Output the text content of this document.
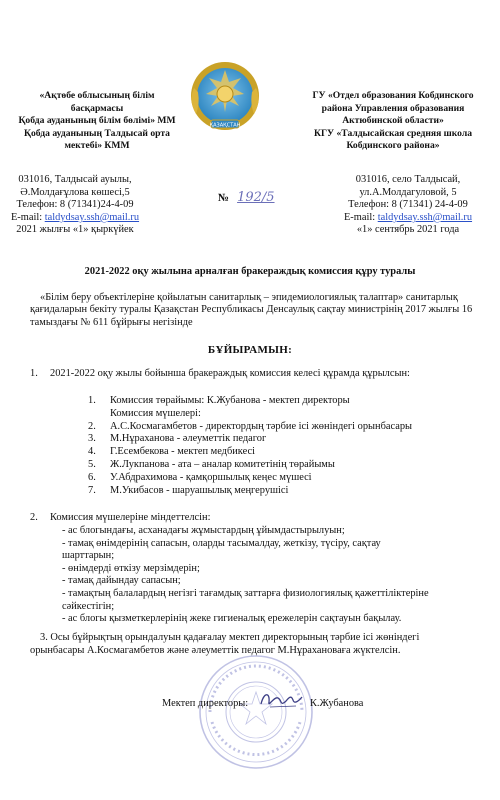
«Ақтөбе облысының білім
басқармасы
Қобда ауданының білім бөлімі» ММ
Қобда ауданының Талдысай орта
мектебі» КММ
ҚАЗАҚСТАН
ГУ «Отдел образования Кобдинского
района Управления образования
Актюбинской области»
КГУ «Талдысайская средняя школа
Кобдинского района»
031016, Талдысай ауылы,
Ә.Молдағұлова көшесі,5
Телефон: 8 (71341)24-4-09
E-mail: taldydsay.ssh@mail.ru
2021 жылғы «1» қыркүйек
№ 192/5
031016, село Талдысай,
ул.А.Молдагуловой, 5
Телефон: 8 (71341) 24-4-09
E-mail: taldydsay.ssh@mail.ru
«1» сентябрь 2021 года
2021-2022 оқу жылына арналған бракераждық комиссия құру туралы
«Білім беру объектілеріне қойылатын санитарлық – эпидемиологиялық талаптар» санитарлық қағидаларын бекіту туралы Қазақстан Республикасы Денсаулық сақтау министрінің 2017 жылғы 16 тамыздағы № 611 бұйрығы негізінде
БҰЙЫРАМЫН:
1. 2021-2022 оқу жылы бойынша бракераждық комиссия келесі құрамда құрылсын:
1. Комиссия төрайымы: К.Жубанова - мектеп директоры
Комиссия мүшелері:
2. А.С.Космагамбетов - директордың тәрбие ісі жөніндегі орынбасары
3. М.Нұраханова - әлеуметтік педагог
4. Г.Есембекова - мектеп медбикесі
5. Ж.Лукпанова - ата – аналар комитетінің төрайымы
6. У.Абдрахимова - қамқоршылық кеңес мүшесі
7. М.Укибасов - шаруашылық меңгерушісі
2. Комиссия мүшелеріне міндеттелсін:
- ас блогындағы, асханадағы жұмыстардың ұйымдастырылуын;
- тамақ өнімдерінің сапасын, оларды тасымалдау, жеткізу, түсіру, сақтау
шарттарын;
- өнімдерді өткізу мерзімдерін;
- тамақ дайындау сапасын;
- тамақтың балалардың негізгі тағамдық заттарға физиологиялық қажеттіліктеріне
сәйкестігін;
- ас блогы қызметкерлерінің жеке гигиеналық ережелерін сақтауын бақылау.
3. Осы бұйрықтың орындалуын қадағалау мектеп директорының тәрбие ісі жөніндегі
орынбасары А.Космагамбетов және әлеуметтік педагог М.Нұрахановаға жүктелсін.
Мектеп директоры:	К.Жубанова
